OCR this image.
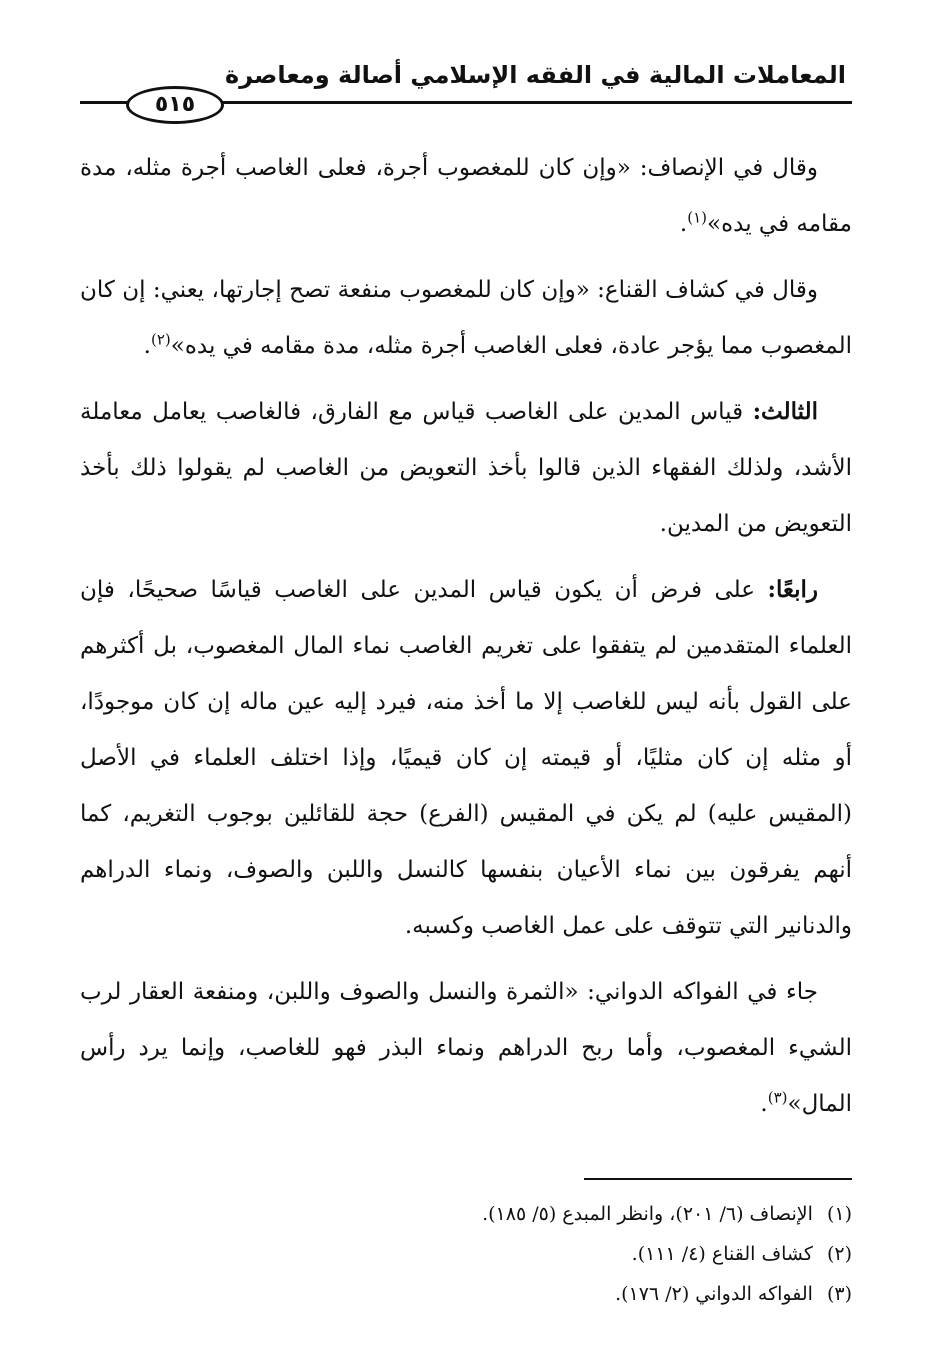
المعاملات المالية في الفقه الإسلامي أصالة ومعاصرة
٥١٥

وقال في الإنصاف: «وإن كان للمغصوب أجرة، فعلى الغاصب أجرة مثله، مدة مقامه في يده»$^{(١)}$.

وقال في كشاف القناع: «وإن كان للمغصوب منفعة تصح إجارتها، يعني: إن كان المغصوب مما يؤجر عادة، فعلى الغاصب أجرة مثله، مدة مقامه في يده»$^{(٢)}$.

الثالث: قياس المدين على الغاصب قياس مع الفارق، فالغاصب يعامل معاملة الأشد، ولذلك الفقهاء الذين قالوا بأخذ التعويض من الغاصب لم يقولوا ذلك بأخذ التعويض من المدين.

رابعًا: على فرض أن يكون قياس المدين على الغاصب قياسًا صحيحًا، فإن العلماء المتقدمين لم يتفقوا على تغريم الغاصب نماء المال المغصوب، بل أكثرهم على القول بأنه ليس للغاصب إلا ما أخذ منه، فيرد إليه عين ماله إن كان موجودًا، أو مثله إن كان مثليًا، أو قيمته إن كان قيميًا، وإذا اختلف العلماء في الأصل (المقيس عليه) لم يكن في المقيس (الفرع) حجة للقائلين بوجوب التغريم، كما أنهم يفرقون بين نماء الأعيان بنفسها كالنسل واللبن والصوف، ونماء الدراهم والدنانير التي تتوقف على عمل الغاصب وكسبه.

جاء في الفواكه الدواني: «الثمرة والنسل والصوف واللبن، ومنفعة العقار لرب الشيء المغصوب، وأما ربح الدراهم ونماء البذر فهو للغاصب، وإنما يرد رأس المال»$^{(٣)}$.

(١)الإنصاف (٦/ ٢٠١)، وانظر المبدع (٥/ ١٨٥).
(٢)كشاف القناع (٤/ ١١١).
(٣)الفواكه الدواني (٢/ ١٧٦).
